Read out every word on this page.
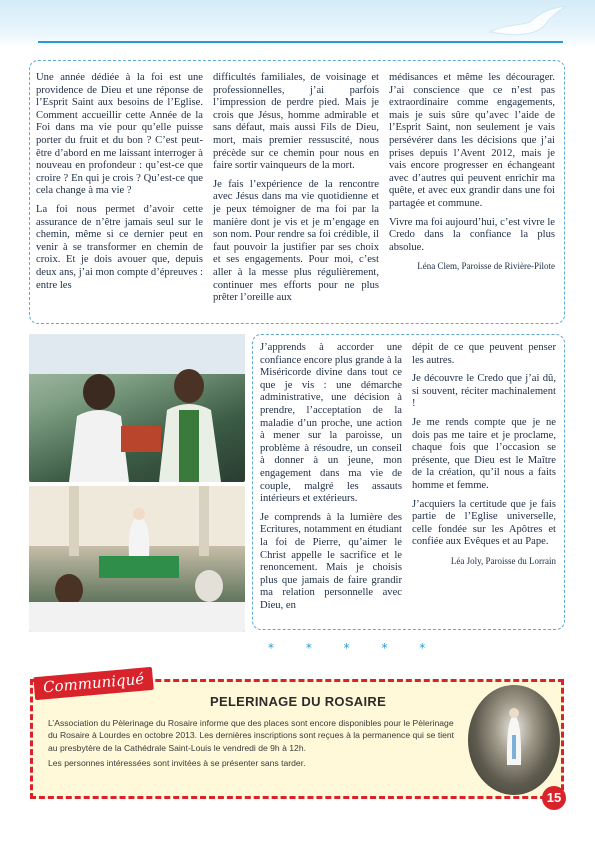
Une année dédiée à la foi est une providence de Dieu et une réponse de l’Esprit Saint aux besoins de l’Eglise. Comment accueillir cette Année de la Foi dans ma vie pour qu’elle puisse porter du fruit et du bon ? C’est peut-être d’abord en me laissant interroger à nouveau en profondeur : qu’est-ce que croire ? En qui je crois ? Qu’est-ce que cela change à ma vie ?

La foi nous permet d’avoir cette assurance de n’être jamais seul sur le chemin, même si ce dernier peut en venir à se transformer en chemin de croix. Et je dois avouer que, depuis deux ans, j’ai mon compte d’épreuves : entre les

difficultés familiales, de voisinage et professionnelles, j’ai parfois l’impression de perdre pied. Mais je crois que Jésus, homme admirable et sans défaut, mais aussi Fils de Dieu, mort, mais premier ressuscité, nous précède sur ce chemin pour nous en faire sortir vainqueurs de la mort.

Je fais l’expérience de la rencontre avec Jésus dans ma vie quotidienne et je peux témoigner de ma foi par la manière dont je vis et je m’engage en son nom. Pour rendre sa foi crédible, il faut pouvoir la justifier par ses choix et ses engagements. Pour moi, c’est aller à la messe plus régulièrement, continuer mes efforts pour ne plus prêter l’oreille aux

médisances et même les décourager. J’ai conscience que ce n’est pas extraordinaire comme engagements, mais je suis sûre qu’avec l’aide de l’Esprit Saint, non seulement je vais persévérer dans les décisions que j’ai prises depuis l’Avent 2012, mais je vais encore progresser en échangeant avec d’autres qui peuvent enrichir ma quête, et avec eux grandir dans une foi partagée et commune.

Vivre ma foi aujourd’hui, c’est vivre le Credo dans la confiance la plus absolue.

Léna Clem, Paroisse de Rivière-Pilote

J’apprends à accorder une confiance encore plus grande à la Miséricorde divine dans tout ce que je vis : une démarche administrative, une décision à prendre, l’acceptation de la maladie d’un proche, une action à mener sur la paroisse, un problème à résoudre, un conseil à donner à un jeune, mon engagement dans ma vie de couple, malgré les assauts intérieurs et extérieurs.

Je comprends à la lumière des Ecritures, notamment en étudiant la foi de Pierre, qu’aimer le Christ appelle le sacrifice et le renoncement. Mais je choisis plus que jamais de faire grandir ma relation personnelle avec Dieu, en

dépit de ce que peuvent penser les autres.

Je découvre le Credo que j’ai dû, si souvent, réciter machinalement !

Je me rends compte que je ne dois pas me taire et je proclame, chaque fois que l’occasion se présente, que Dieu est le Maître de la création, qu’il nous a faits homme et femme.

J’acquiers la certitude que je fais partie de l’Eglise universelle, celle fondée sur les Apôtres et confiée aux Evêques et au Pape.

Léa Joly, Paroisse du Lorrain

* * * * *
Communiqué
PELERINAGE DU ROSAIRE

L’Association du Pèlerinage du Rosaire informe que des places sont encore disponibles pour le Pèlerinage du Rosaire à Lourdes en octobre 2013. Les dernières inscriptions sont reçues à la permanence qui se tient au presbytère de la Cathédrale Saint-Louis le vendredi de 9h à 12h.

Les personnes intéressées sont invitées à se présenter sans tarder.

15
